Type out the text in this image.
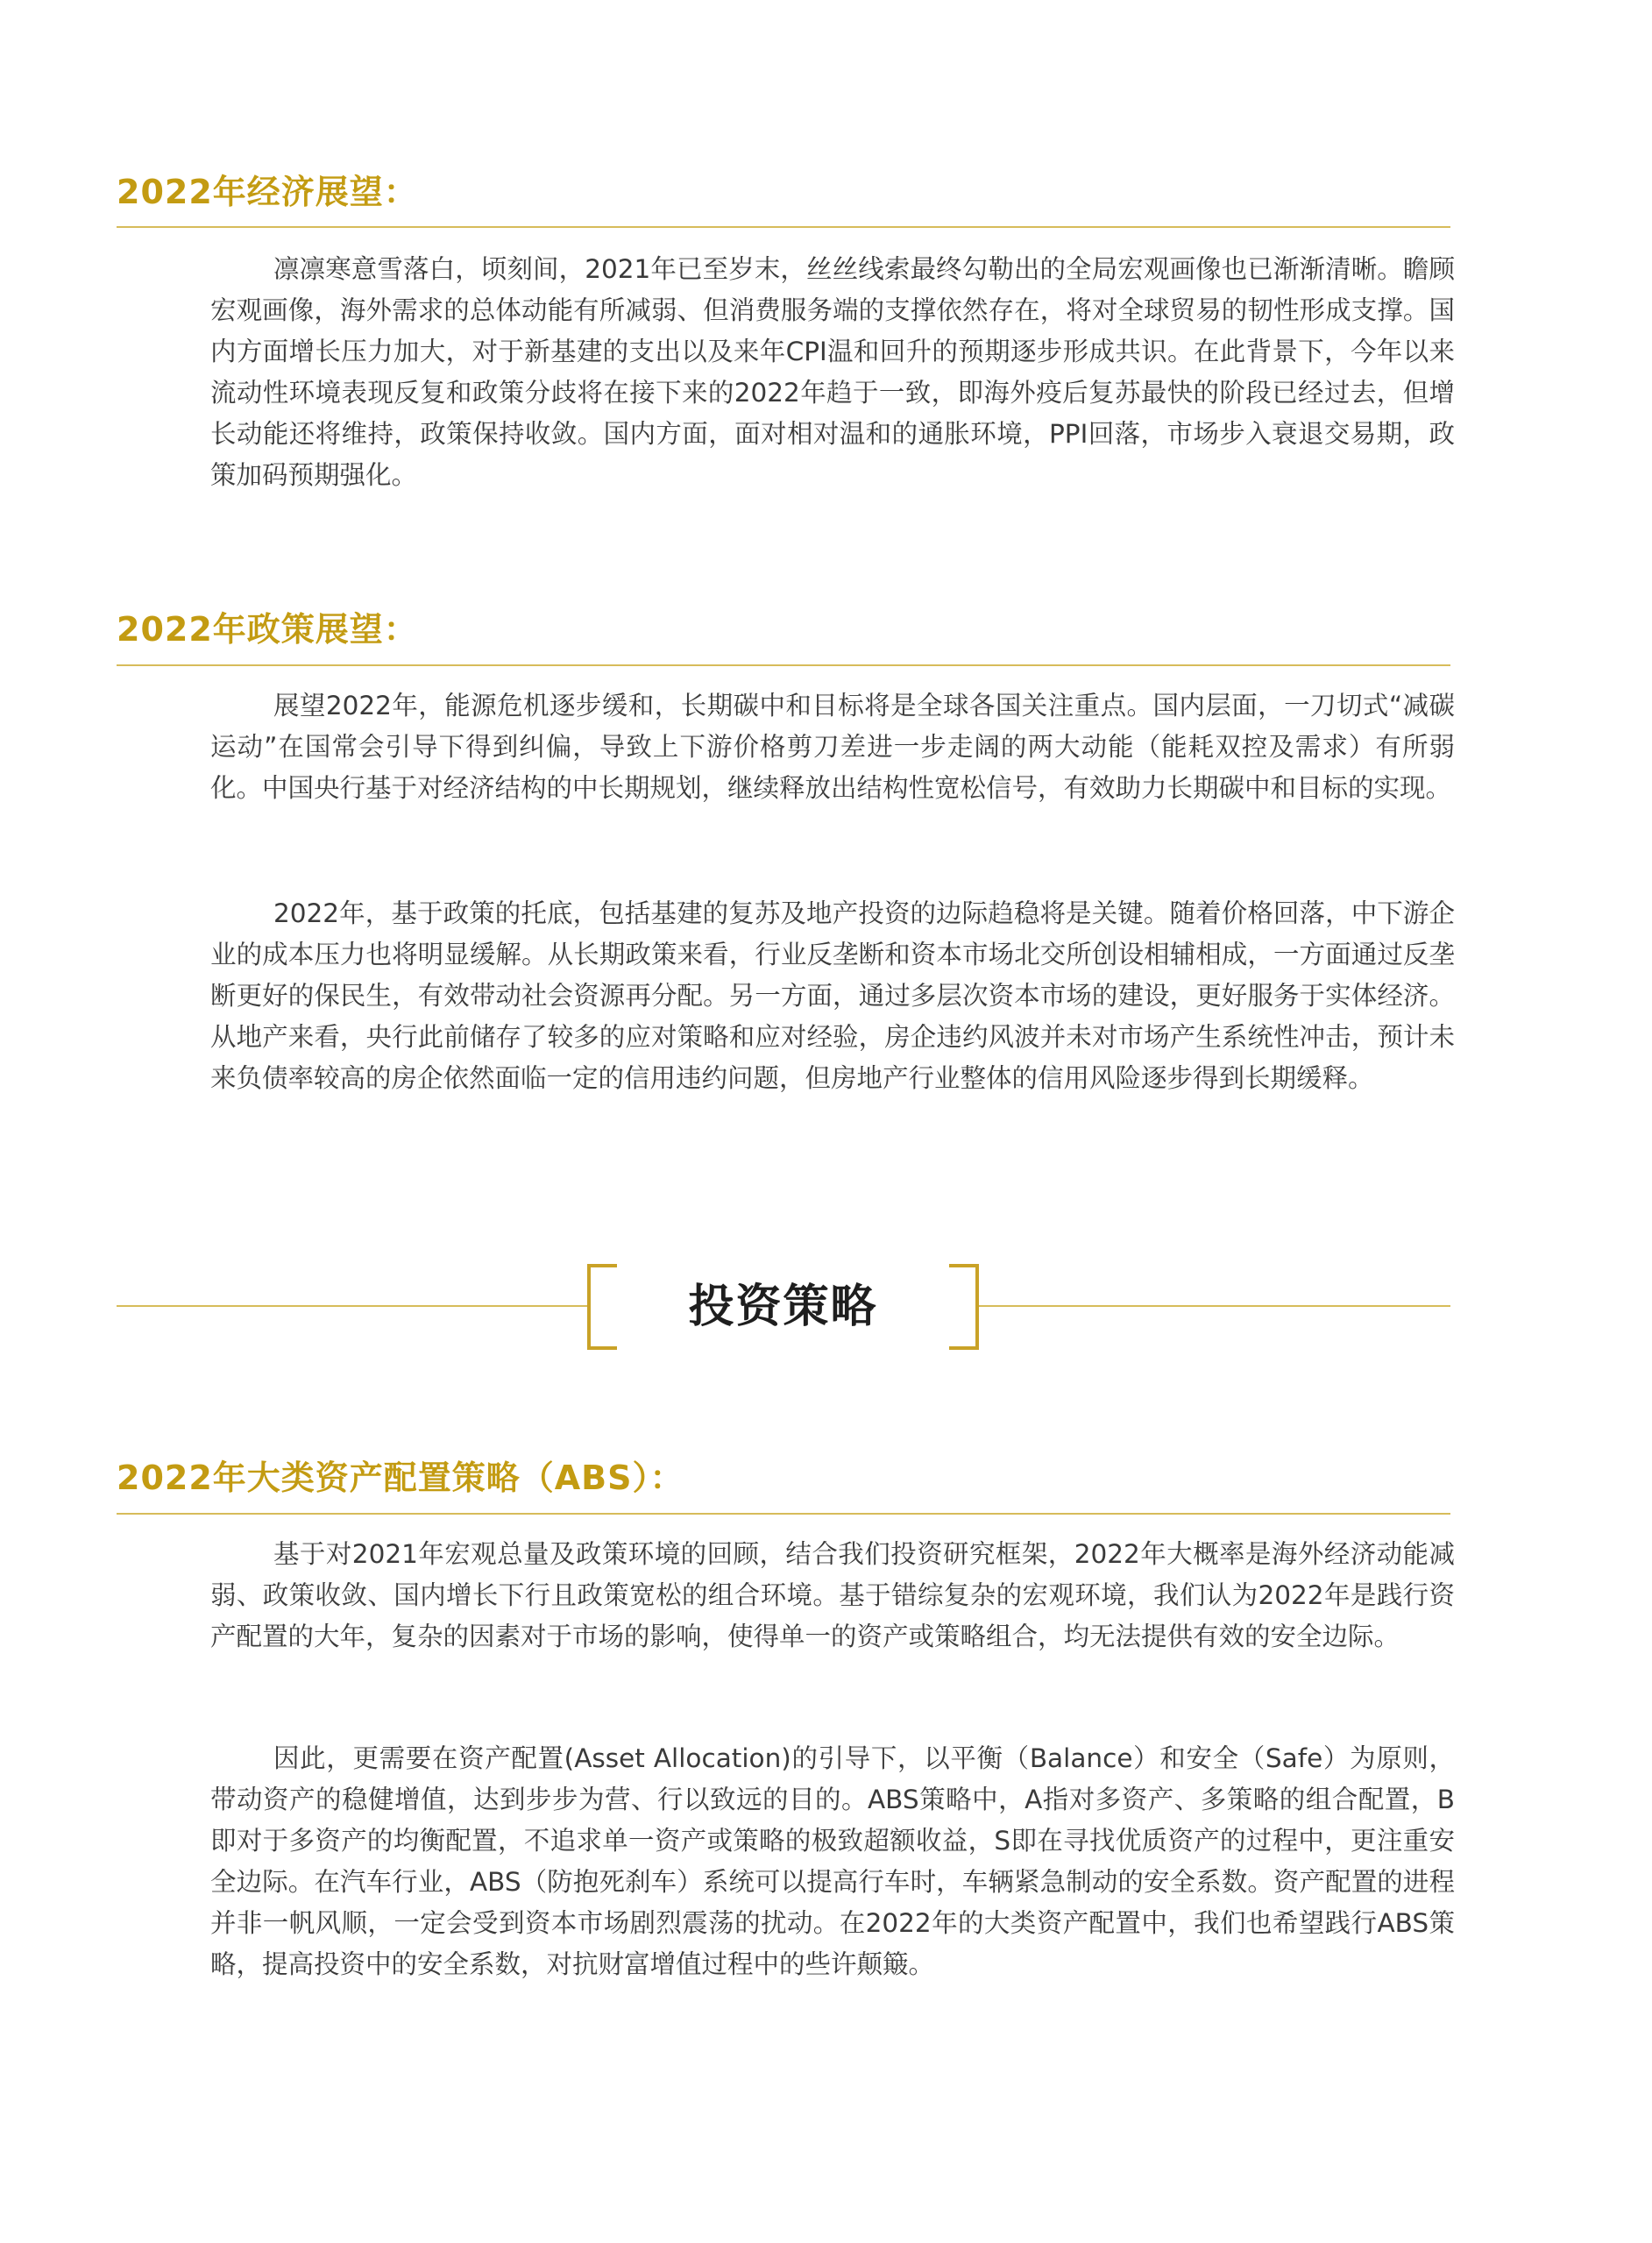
2022年经济展望：

凛凛寒意雪落白，顷刻间，2021年已至岁末，丝丝线索最终勾勒出的全局宏观画像也已渐渐清晰。瞻顾宏观画像，海外需求的总体动能有所减弱、但消费服务端的支撑依然存在，将对全球贸易的韧性形成支撑。国内方面增长压力加大，对于新基建的支出以及来年CPI温和回升的预期逐步形成共识。在此背景下，今年以来流动性环境表现反复和政策分歧将在接下来的2022年趋于一致，即海外疫后复苏最快的阶段已经过去，但增长动能还将维持，政策保持收敛。国内方面，面对相对温和的通胀环境，PPI回落，市场步入衰退交易期，政策加码预期强化。

2022年政策展望：

展望2022年，能源危机逐步缓和，长期碳中和目标将是全球各国关注重点。国内层面，一刀切式“减碳运动”在国常会引导下得到纠偏，导致上下游价格剪刀差进一步走阔的两大动能（能耗双控及需求）有所弱化。中国央行基于对经济结构的中长期规划，继续释放出结构性宽松信号，有效助力长期碳中和目标的实现。

2022年，基于政策的托底，包括基建的复苏及地产投资的边际趋稳将是关键。随着价格回落，中下游企业的成本压力也将明显缓解。从长期政策来看，行业反垄断和资本市场北交所创设相辅相成，一方面通过反垄断更好的保民生，有效带动社会资源再分配。另一方面，通过多层次资本市场的建设，更好服务于实体经济。从地产来看，央行此前储存了较多的应对策略和应对经验，房企违约风波并未对市场产生系统性冲击，预计未来负债率较高的房企依然面临一定的信用违约问题，但房地产行业整体的信用风险逐步得到长期缓释。

投资策略
2022年大类资产配置策略（ABS）：

基于对2021年宏观总量及政策环境的回顾，结合我们投资研究框架，2022年大概率是海外经济动能减弱、政策收敛、国内增长下行且政策宽松的组合环境。基于错综复杂的宏观环境，我们认为2022年是践行资产配置的大年，复杂的因素对于市场的影响，使得单一的资产或策略组合，均无法提供有效的安全边际。

因此，更需要在资产配置(Asset Allocation)的引导下，以平衡（Balance）和安全（Safe）为原则，带动资产的稳健增值，达到步步为营、行以致远的目的。ABS策略中，A指对多资产、多策略的组合配置，B即对于多资产的均衡配置，不追求单一资产或策略的极致超额收益，S即在寻找优质资产的过程中，更注重安全边际。在汽车行业，ABS（防抱死刹车）系统可以提高行车时，车辆紧急制动的安全系数。资产配置的进程并非一帆风顺，一定会受到资本市场剧烈震荡的扰动。在2022年的大类资产配置中，我们也希望践行ABS策略，提高投资中的安全系数，对抗财富增值过程中的些许颠簸。
